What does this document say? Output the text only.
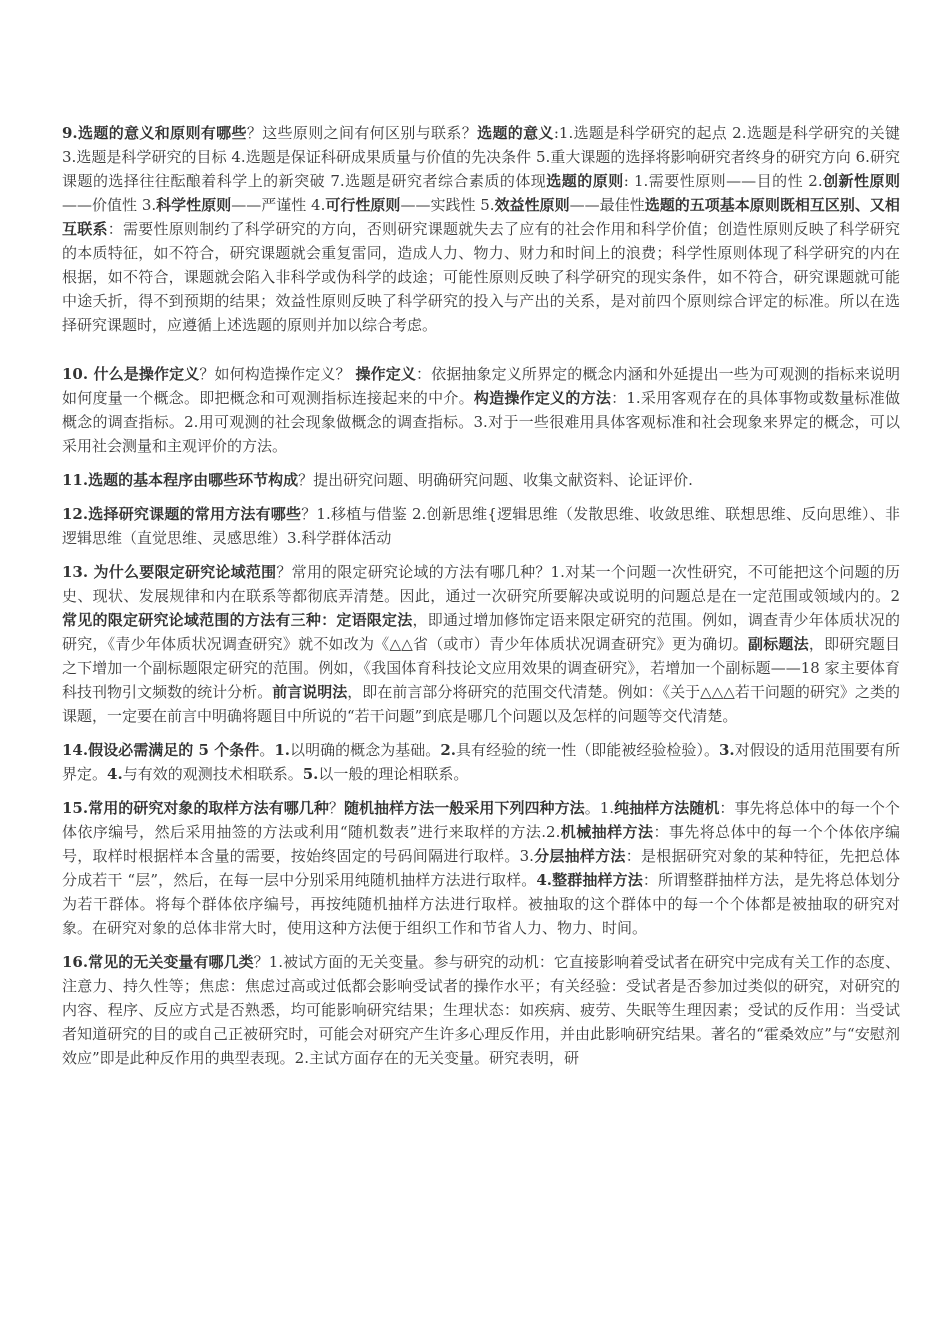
9.选题的意义和原则有哪些？这些原则之间有何区别与联系？选题的意义:1.选题是科学研究的起点 2.选题是科学研究的关键 3.选题是科学研究的目标 4.选题是保证科研成果质量与价值的先决条件 5.重大课题的选择将影响研究者终身的研究方向 6.研究课题的选择往往酝酿着科学上的新突破 7.选题是研究者综合素质的体现选题的原则: 1.需要性原则——目的性 2.创新性原则——价值性 3.科学性原则——严谨性 4.可行性原则——实践性 5.效益性原则——最佳性选题的五项基本原则既相互区别、又相互联系：需要性原则制约了科学研究的方向，否则研究课题就失去了应有的社会作用和科学价值；创造性原则反映了科学研究的本质特征，如不符合，研究课题就会重复雷同，造成人力、物力、财力和时间上的浪费；科学性原则体现了科学研究的内在根据，如不符合，课题就会陷入非科学或伪科学的歧途；可能性原则反映了科学研究的现实条件，如不符合，研究课题就可能中途夭折，得不到预期的结果；效益性原则反映了科学研究的投入与产出的关系，是对前四个原则综合评定的标准。所以在选择研究课题时，应遵循上述选题的原则并加以综合考虑。

10. 什么是操作定义？如何构造操作定义？ 操作定义：依据抽象定义所界定的概念内涵和外延提出一些为可观测的指标来说明如何度量一个概念。即把概念和可观测指标连接起来的中介。构造操作定义的方法：1.采用客观存在的具体事物或数量标准做概念的调查指标。2.用可观测的社会现象做概念的调查指标。3.对于一些很难用具体客观标准和社会现象来界定的概念，可以采用社会测量和主观评价的方法。

11.选题的基本程序由哪些环节构成？提出研究问题、明确研究问题、收集文献资料、论证评价.

12.选择研究课题的常用方法有哪些？1.移植与借鉴 2.创新思维{逻辑思维（发散思维、收敛思维、联想思维、反向思维）、非逻辑思维（直觉思维、灵感思维）3.科学群体活动

13. 为什么要限定研究论域范围？常用的限定研究论域的方法有哪几种？1.对某一个问题一次性研究，不可能把这个问题的历史、现状、发展规律和内在联系等都彻底弄清楚。因此，通过一次研究所要解决或说明的问题总是在一定范围或领域内的。2 常见的限定研究论域范围的方法有三种：定语限定法，即通过增加修饰定语来限定研究的范围。例如，调查青少年体质状况的研究，《青少年体质状况调查研究》就不如改为《△△省（或市）青少年体质状况调查研究》更为确切。副标题法，即研究题目之下增加一个副标题限定研究的范围。例如，《我国体育科技论文应用效果的调查研究》，若增加一个副标题——18 家主要体育科技刊物引文频数的统计分析。前言说明法，即在前言部分将研究的范围交代清楚。例如：《关于△△△若干问题的研究》之类的课题，一定要在前言中明确将题目中所说的“若干问题”到底是哪几个问题以及怎样的问题等交代清楚。

14.假设必需满足的 5 个条件。1.以明确的概念为基础。2.具有经验的统一性（即能被经验检验）。3.对假设的适用范围要有所界定。4.与有效的观测技术相联系。5.以一般的理论相联系。

15.常用的研究对象的取样方法有哪几种？随机抽样方法一般采用下列四种方法。1.纯抽样方法随机：事先将总体中的每一个个体依序编号，然后采用抽签的方法或利用“随机数表”进行来取样的方法.2.机械抽样方法：事先将总体中的每一个个体依序编号，取样时根据样本含量的需要，按始终固定的号码间隔进行取样。3.分层抽样方法：是根据研究对象的某种特征，先把总体分成若干 “层”，然后，在每一层中分别采用纯随机抽样方法进行取样。4.整群抽样方法：所谓整群抽样方法，是先将总体划分为若干群体。将每个群体依序编号，再按纯随机抽样方法进行取样。被抽取的这个群体中的每一个个体都是被抽取的研究对象。在研究对象的总体非常大时，使用这种方法便于组织工作和节省人力、物力、时间。

16.常见的无关变量有哪几类？1.被试方面的无关变量。参与研究的动机：它直接影响着受试者在研究中完成有关工作的态度、注意力、持久性等；焦虑：焦虑过高或过低都会影响受试者的操作水平；有关经验：受试者是否参加过类似的研究，对研究的内容、程序、反应方式是否熟悉，均可能影响研究结果；生理状态：如疾病、疲劳、失眠等生理因素；受试的反作用：当受试者知道研究的目的或自己正被研究时，可能会对研究产生许多心理反作用，并由此影响研究结果。著名的“霍桑效应”与“安慰剂效应”即是此种反作用的典型表现。2.主试方面存在的无关变量。研究表明，研
